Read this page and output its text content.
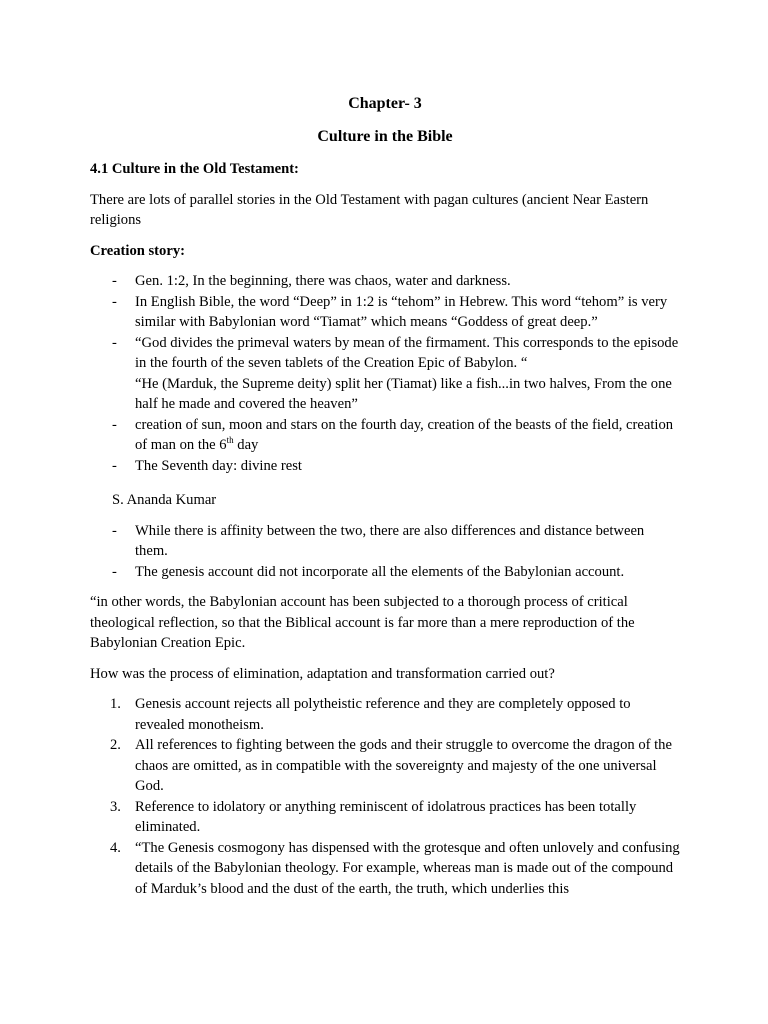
Chapter- 3
Culture in the Bible
4.1 Culture in the Old Testament:

There are lots of parallel stories in the Old Testament with pagan cultures (ancient Near Eastern religions

Creation story:
- Gen. 1:2, In the beginning, there was chaos, water and darkness.
- In English Bible, the word “Deep” in 1:2 is “tehom” in Hebrew. This word “tehom” is very similar with Babylonian word “Tiamat” which means “Goddess of great deep.”
- “God divides the primeval waters by mean of the firmament. This corresponds to the episode in the fourth of the seven tablets of the Creation Epic of Babylon. “
“He (Marduk, the Supreme deity) split her (Tiamat) like a fish...in two halves, From the one half he made and covered the heaven”
- creation of sun, moon and stars on the fourth day, creation of the beasts of the field, creation of man on the 6th day
- The Seventh day: divine rest
S. Ananda Kumar
- While there is affinity between the two, there are also differences and distance between them.
- The genesis account did not incorporate all the elements of the Babylonian account.

“in other words, the Babylonian account has been subjected to a thorough process of critical theological reflection, so that the Biblical account is far more than a mere reproduction of the Babylonian Creation Epic.

How was the process of elimination, adaptation and transformation carried out?

1. Genesis account rejects all polytheistic reference and they are completely opposed to revealed monotheism.
2. All references to fighting between the gods and their struggle to overcome the dragon of the chaos are omitted, as in compatible with the sovereignty and majesty of the one universal God.
3. Reference to idolatory or anything reminiscent of idolatrous practices has been totally eliminated.
4. “The Genesis cosmogony has dispensed with the grotesque and often unlovely and confusing details of the Babylonian theology. For example, whereas man is made out of the compound of Marduk’s blood and the dust of the earth, the truth, which underlies this
